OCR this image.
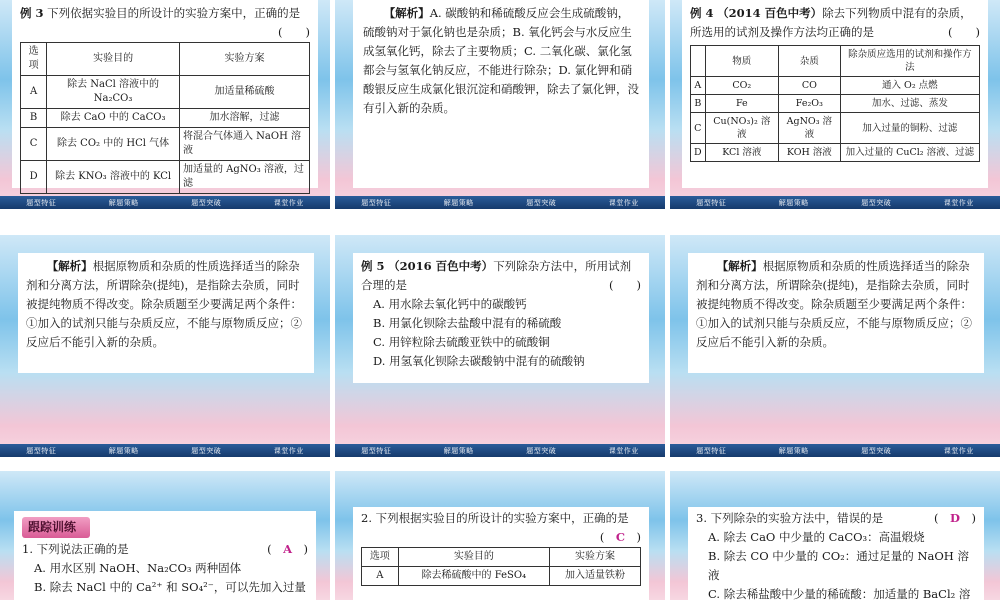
例 3 下列依据实验目的所设计的实验方案中，正确的是
(　　)
选项	实验目的	实验方案
A	除去 NaCl 溶液中的 Na₂CO₃	加适量稀硫酸
B	除去 CaO 中的 CaCO₃	加水溶解，过滤
C	除去 CO₂ 中的 HCl 气体	将混合气体通入 NaOH 溶液
D	除去 KNO₃ 溶液中的 KCl	加适量的 AgNO₃ 溶液，过滤
题型特征	解题策略	题型突破	课堂作业
【解析】A. 碳酸钠和稀硫酸反应会生成硫酸钠，硫酸钠对于氯化钠也是杂质；B. 氧化钙会与水反应生成氢氧化钙，除去了主要物质；C. 二氧化碳、氯化氢都会与氢氧化钠反应，不能进行除杂；D. 氯化钾和硝酸银反应生成氯化银沉淀和硝酸钾，除去了氯化钾，没有引入新的杂质。
题型特征	解题策略	题型突破	课堂作业
例 4 （2014 百色中考）除去下列物质中混有的杂质，所选用的试剂及操作方法均正确的是	(　　)
	物质	杂质	除杂质应选用的试剂和操作方法
A	CO₂	CO	通入 O₂ 点燃
B	Fe	Fe₂O₃	加水、过滤、蒸发
C	Cu(NO₃)₂ 溶液	AgNO₃ 溶液	加入过量的铜粉、过滤
D	KCl 溶液	KOH 溶液	加入过量的 CuCl₂ 溶液、过滤
题型特征	解题策略	题型突破	课堂作业
【解析】根据原物质和杂质的性质选择适当的除杂剂和分离方法，所谓除杂(提纯)，是指除去杂质，同时被提纯物质不得改变。除杂质题至少要满足两个条件：①加入的试剂只能与杂质反应，不能与原物质反应；②反应后不能引入新的杂质。
题型特征	解题策略	题型突破	课堂作业
例 5 （2016 百色中考）下列除杂方法中，所用试剂合理的是	(　　)
A. 用水除去氧化钙中的碳酸钙
B. 用氯化钡除去盐酸中混有的稀硫酸
C. 用锌粒除去硫酸亚铁中的硫酸铜
D. 用氢氧化钡除去碳酸钠中混有的硫酸钠
题型特征	解题策略	题型突破	课堂作业
【解析】根据原物质和杂质的性质选择适当的除杂剂和分离方法，所谓除杂(提纯)，是指除去杂质，同时被提纯物质不得改变。除杂质题至少要满足两个条件：①加入的试剂只能与杂质反应，不能与原物质反应；②反应后不能引入新的杂质。
题型特征	解题策略	题型突破	课堂作业
跟踪训练
1. 下列说法正确的是	(　A　)
A. 用水区别 NaOH、Na₂CO₃ 两种固体
B. 除去 NaCl 中的 Ca²⁺ 和 SO₄²⁻，可以先加入过量
2. 下列根据实验目的所设计的实验方案中，正确的是
(　C　)
选项	实验目的	实验方案
A	除去稀硫酸中的 FeSO₄	加入适量铁粉
3. 下列除杂的实验方法中，错误的是	(　D　)
A. 除去 CaO 中少量的 CaCO₃：高温煅烧
B. 除去 CO 中少量的 CO₂：通过足量的 NaOH 溶液
C. 除去稀盐酸中少量的稀硫酸：加适量的 BaCl₂ 溶
